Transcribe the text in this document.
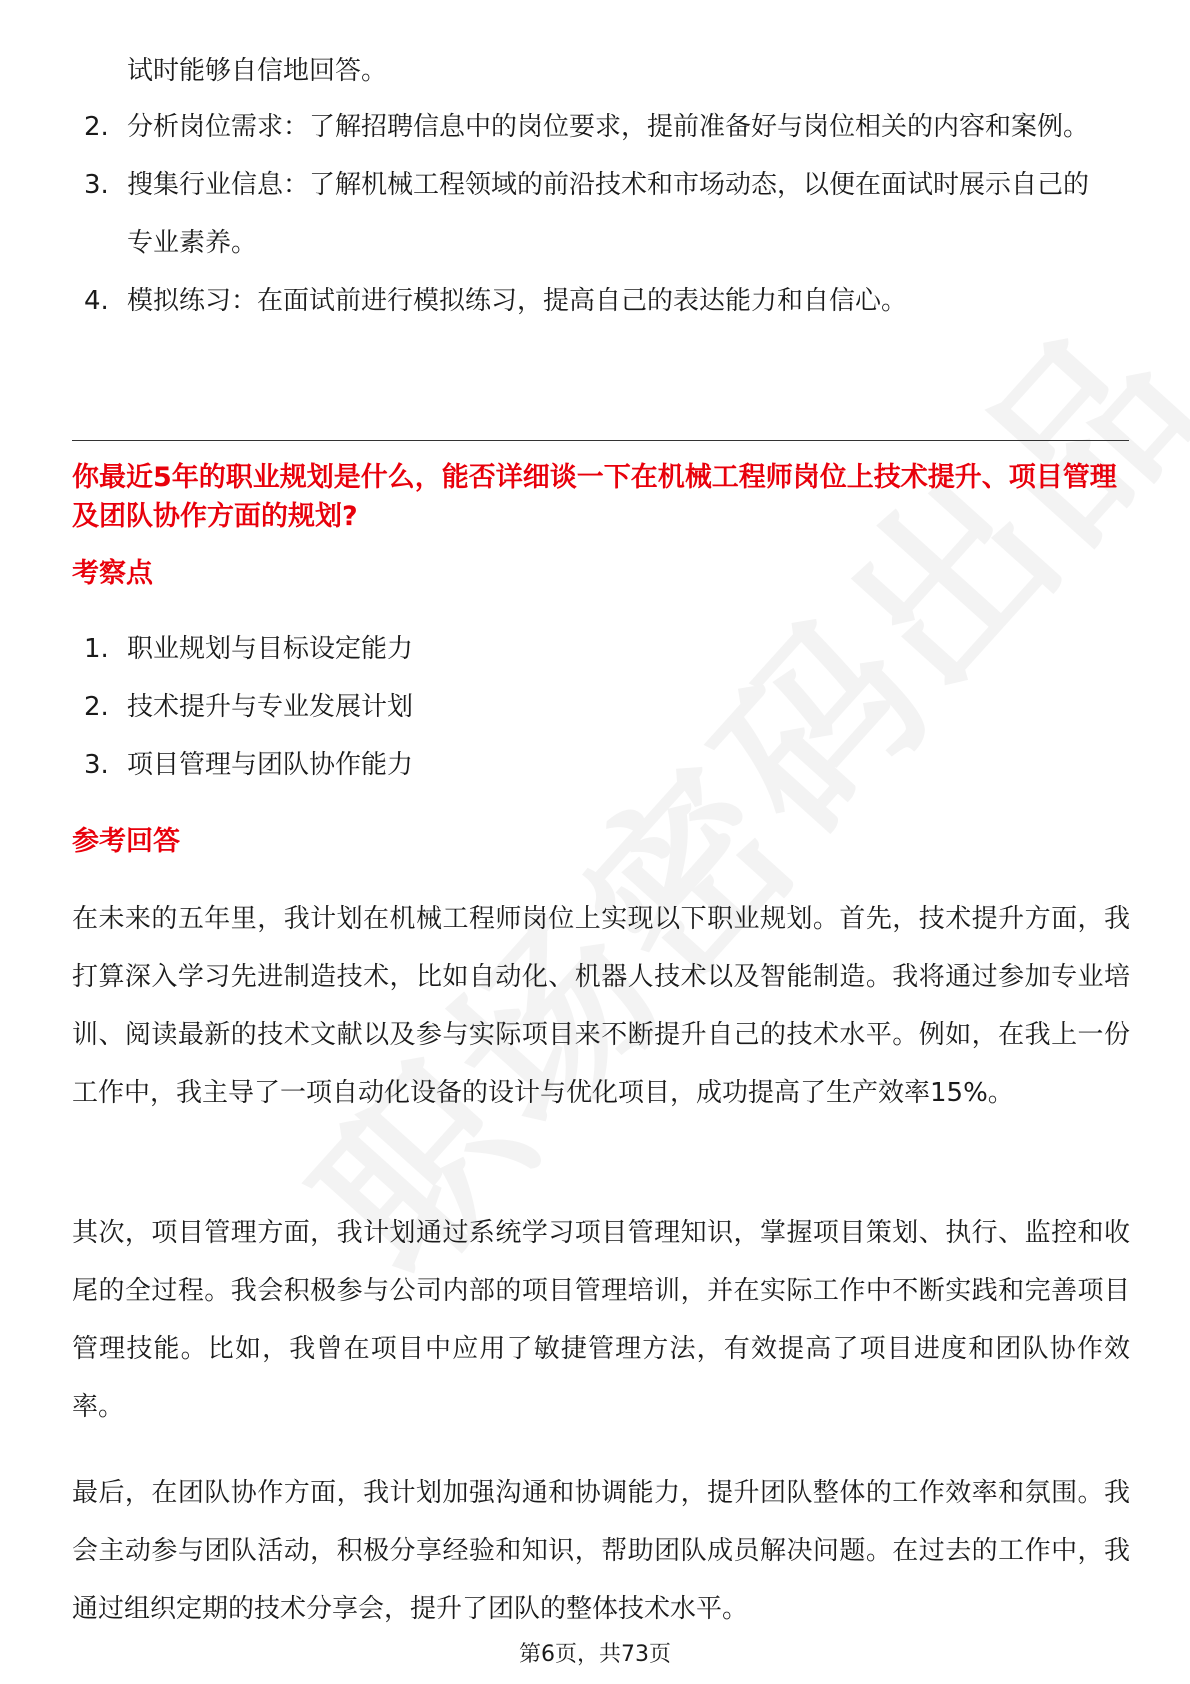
试时能够自信地回答。
2. 分析岗位需求：了解招聘信息中的岗位要求，提前准备好与岗位相关的内容和案例。
3. 搜集行业信息：了解机械工程领域的前沿技术和市场动态，以便在面试时展示自己的专业素养。
4. 模拟练习：在面试前进行模拟练习，提高自己的表达能力和自信心。
你最近5年的职业规划是什么，能否详细谈一下在机械工程师岗位上技术提升、项目管理及团队协作方面的规划?
考察点
1. 职业规划与目标设定能力
2. 技术提升与专业发展计划
3. 项目管理与团队协作能力
参考回答

在未来的五年里，我计划在机械工程师岗位上实现以下职业规划。首先，技术提升方面，我打算深入学习先进制造技术，比如自动化、机器人技术以及智能制造。我将通过参加专业培训、阅读最新的技术文献以及参与实际项目来不断提升自己的技术水平。例如，在我上一份工作中，我主导了一项自动化设备的设计与优化项目，成功提高了生产效率15%。

其次，项目管理方面，我计划通过系统学习项目管理知识，掌握项目策划、执行、监控和收尾的全过程。我会积极参与公司内部的项目管理培训，并在实际工作中不断实践和完善项目管理技能。比如，我曾在项目中应用了敏捷管理方法，有效提高了项目进度和团队协作效率。

最后，在团队协作方面，我计划加强沟通和协调能力，提升团队整体的工作效率和氛围。我会主动参与团队活动，积极分享经验和知识，帮助团队成员解决问题。在过去的工作中，我通过组织定期的技术分享会，提升了团队的整体技术水平。

第6页，共73页
